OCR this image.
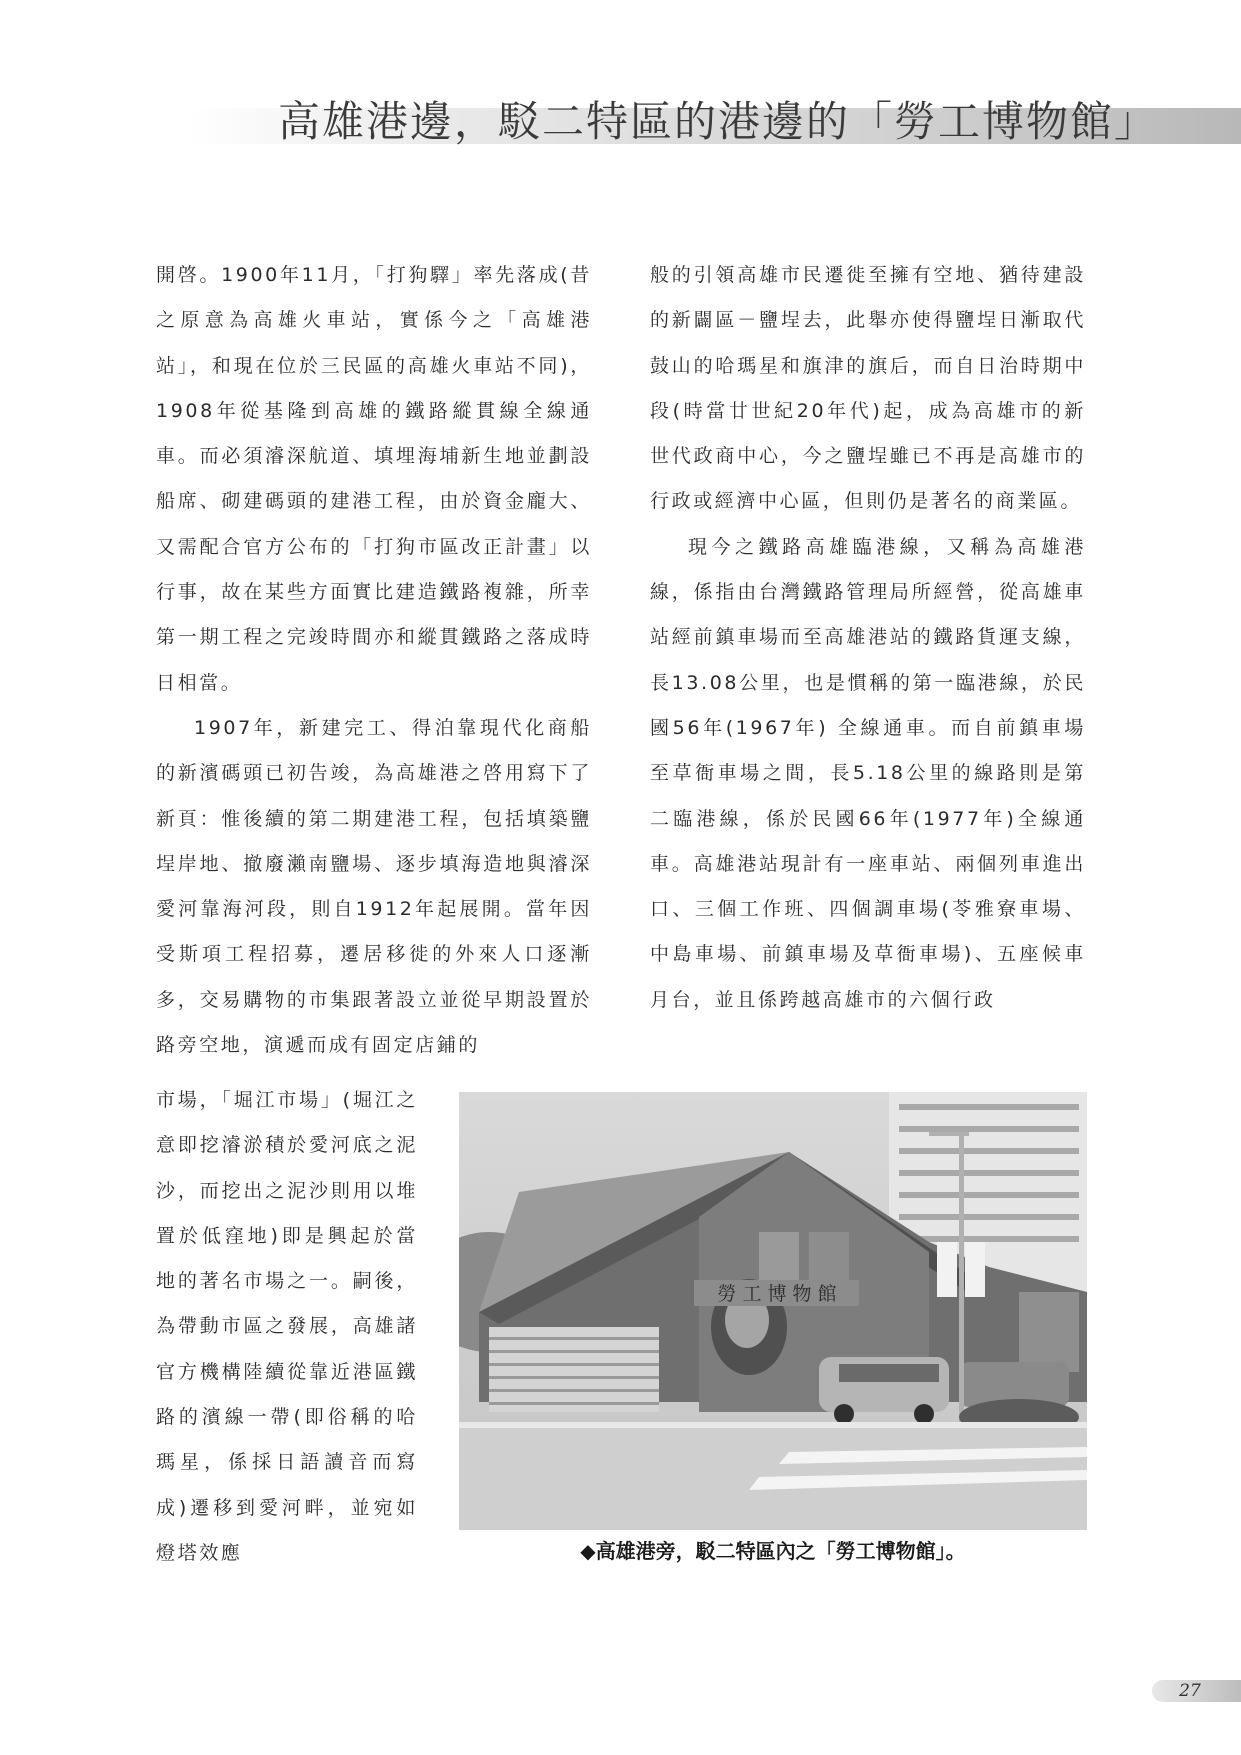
高雄港邊，駁二特區的港邊的「勞工博物館」

開啓。1900年11月，「打狗驛」率先落成(昔之原意為高雄火車站，實係今之「高雄港站」，和現在位於三民區的高雄火車站不同)，1908年從基隆到高雄的鐵路縱貫線全線通車。而必須濬深航道、填埋海埔新生地並劃設船席、砌建碼頭的建港工程，由於資金龐大、又需配合官方公布的「打狗市區改正計畫」以行事，故在某些方面實比建造鐵路複雜，所幸第一期工程之完竣時間亦和縱貫鐵路之落成時日相當。

1907年，新建完工、得泊靠現代化商船的新濱碼頭已初告竣，為高雄港之啓用寫下了新頁：惟後續的第二期建港工程，包括填築鹽埕岸地、撤廢瀨南鹽場、逐步填海造地與濬深愛河靠海河段，則自1912年起展開。當年因受斯項工程招募，遷居移徙的外來人口逐漸多，交易購物的市集跟著設立並從早期設置於路旁空地，演遞而成有固定店鋪的

市場，「堀江市場」(堀江之意即挖濬淤積於愛河底之泥沙，而挖出之泥沙則用以堆置於低窪地)即是興起於當地的著名市場之一。嗣後，為帶動市區之發展，高雄諸官方機構陸續從靠近港區鐵路的濱線一帶(即俗稱的哈瑪星，係採日語讀音而寫成)遷移到愛河畔，並宛如燈塔效應

般的引領高雄市民遷徙至擁有空地、猶待建設的新闢區－鹽埕去，此舉亦使得鹽埕日漸取代鼓山的哈瑪星和旗津的旗后，而自日治時期中段(時當廿世紀20年代)起，成為高雄市的新世代政商中心，今之鹽埕雖已不再是高雄市的行政或經濟中心區，但則仍是著名的商業區。

現今之鐵路高雄臨港線，又稱為高雄港線，係指由台灣鐵路管理局所經營，從高雄車站經前鎮車場而至高雄港站的鐵路貨運支線，長13.08公里，也是慣稱的第一臨港線，於民國56年(1967年) 全線通車。而自前鎮車場至草衙車場之間，長5.18公里的線路則是第二臨港線，係於民國66年(1977年)全線通車。高雄港站現計有一座車站、兩個列車進出口、三個工作班、四個調車場(苓雅寮車場、中島車場、前鎮車場及草衙車場)、五座候車月台，並且係跨越高雄市的六個行政

勞 工 博 物 館

◆高雄港旁，駁二特區內之「勞工博物館」。

27
